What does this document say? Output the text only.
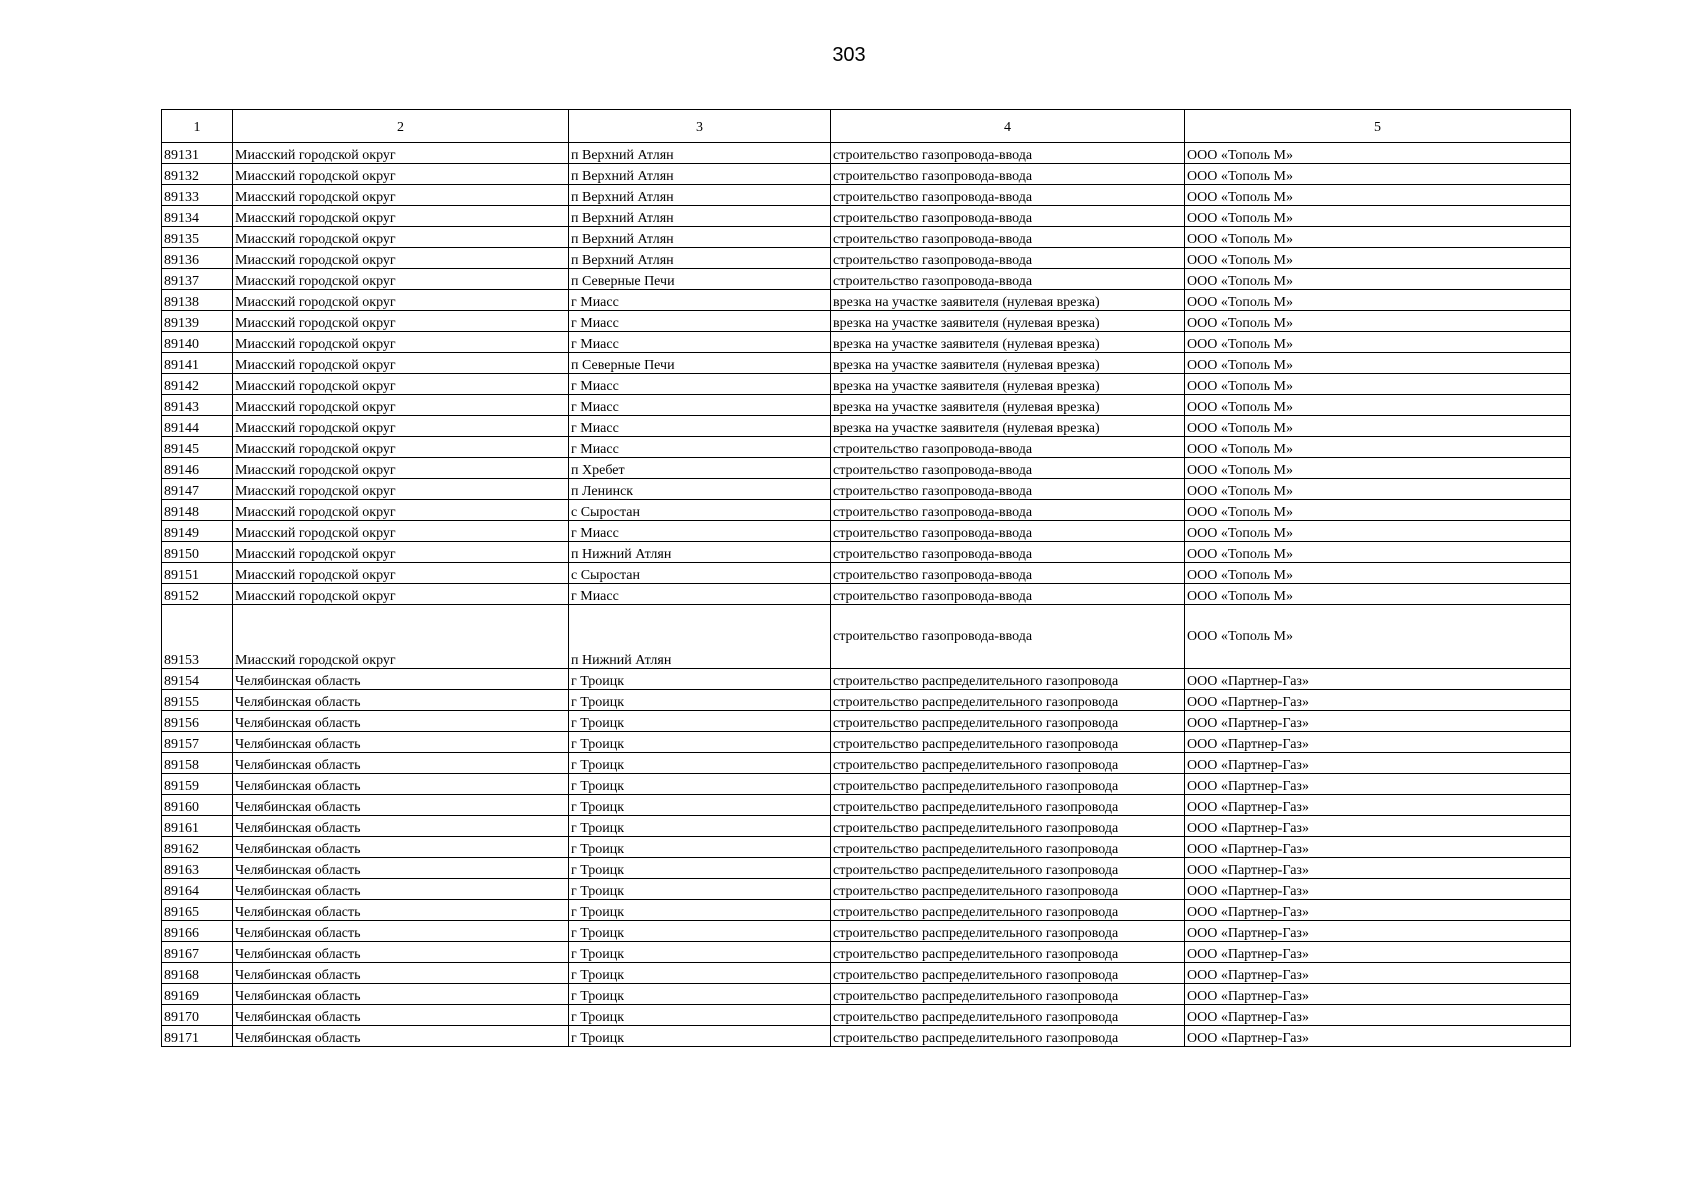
303
1	2	3	4	5
89131	Миасский городской округ	п Верхний Атлян	строительство газопровода-ввода	ООО «Тополь М»
89132	Миасский городской округ	п Верхний Атлян	строительство газопровода-ввода	ООО «Тополь М»
89133	Миасский городской округ	п Верхний Атлян	строительство газопровода-ввода	ООО «Тополь М»
89134	Миасский городской округ	п Верхний Атлян	строительство газопровода-ввода	ООО «Тополь М»
89135	Миасский городской округ	п Верхний Атлян	строительство газопровода-ввода	ООО «Тополь М»
89136	Миасский городской округ	п Верхний Атлян	строительство газопровода-ввода	ООО «Тополь М»
89137	Миасский городской округ	п Северные Печи	строительство газопровода-ввода	ООО «Тополь М»
89138	Миасский городской округ	г Миасс	врезка на участке заявителя (нулевая врезка)	ООО «Тополь М»
89139	Миасский городской округ	г Миасс	врезка на участке заявителя (нулевая врезка)	ООО «Тополь М»
89140	Миасский городской округ	г Миасс	врезка на участке заявителя (нулевая врезка)	ООО «Тополь М»
89141	Миасский городской округ	п Северные Печи	врезка на участке заявителя (нулевая врезка)	ООО «Тополь М»
89142	Миасский городской округ	г Миасс	врезка на участке заявителя (нулевая врезка)	ООО «Тополь М»
89143	Миасский городской округ	г Миасс	врезка на участке заявителя (нулевая врезка)	ООО «Тополь М»
89144	Миасский городской округ	г Миасс	врезка на участке заявителя (нулевая врезка)	ООО «Тополь М»
89145	Миасский городской округ	г Миасс	строительство газопровода-ввода	ООО «Тополь М»
89146	Миасский городской округ	п Хребет	строительство газопровода-ввода	ООО «Тополь М»
89147	Миасский городской округ	п Ленинск	строительство газопровода-ввода	ООО «Тополь М»
89148	Миасский городской округ	с Сыростан	строительство газопровода-ввода	ООО «Тополь М»
89149	Миасский городской округ	г Миасс	строительство газопровода-ввода	ООО «Тополь М»
89150	Миасский городской округ	п Нижний Атлян	строительство газопровода-ввода	ООО «Тополь М»
89151	Миасский городской округ	с Сыростан	строительство газопровода-ввода	ООО «Тополь М»
89152	Миасский городской округ	г Миасс	строительство газопровода-ввода	ООО «Тополь М»
89153	Миасский городской округ	п Нижний Атлян	строительство газопровода-ввода	ООО «Тополь М»
89154	Челябинская область	г Троицк	строительство распределительного газопровода	ООО «Партнер-Газ»
89155	Челябинская область	г Троицк	строительство распределительного газопровода	ООО «Партнер-Газ»
89156	Челябинская область	г Троицк	строительство распределительного газопровода	ООО «Партнер-Газ»
89157	Челябинская область	г Троицк	строительство распределительного газопровода	ООО «Партнер-Газ»
89158	Челябинская область	г Троицк	строительство распределительного газопровода	ООО «Партнер-Газ»
89159	Челябинская область	г Троицк	строительство распределительного газопровода	ООО «Партнер-Газ»
89160	Челябинская область	г Троицк	строительство распределительного газопровода	ООО «Партнер-Газ»
89161	Челябинская область	г Троицк	строительство распределительного газопровода	ООО «Партнер-Газ»
89162	Челябинская область	г Троицк	строительство распределительного газопровода	ООО «Партнер-Газ»
89163	Челябинская область	г Троицк	строительство распределительного газопровода	ООО «Партнер-Газ»
89164	Челябинская область	г Троицк	строительство распределительного газопровода	ООО «Партнер-Газ»
89165	Челябинская область	г Троицк	строительство распределительного газопровода	ООО «Партнер-Газ»
89166	Челябинская область	г Троицк	строительство распределительного газопровода	ООО «Партнер-Газ»
89167	Челябинская область	г Троицк	строительство распределительного газопровода	ООО «Партнер-Газ»
89168	Челябинская область	г Троицк	строительство распределительного газопровода	ООО «Партнер-Газ»
89169	Челябинская область	г Троицк	строительство распределительного газопровода	ООО «Партнер-Газ»
89170	Челябинская область	г Троицк	строительство распределительного газопровода	ООО «Партнер-Газ»
89171	Челябинская область	г Троицк	строительство распределительного газопровода	ООО «Партнер-Газ»
